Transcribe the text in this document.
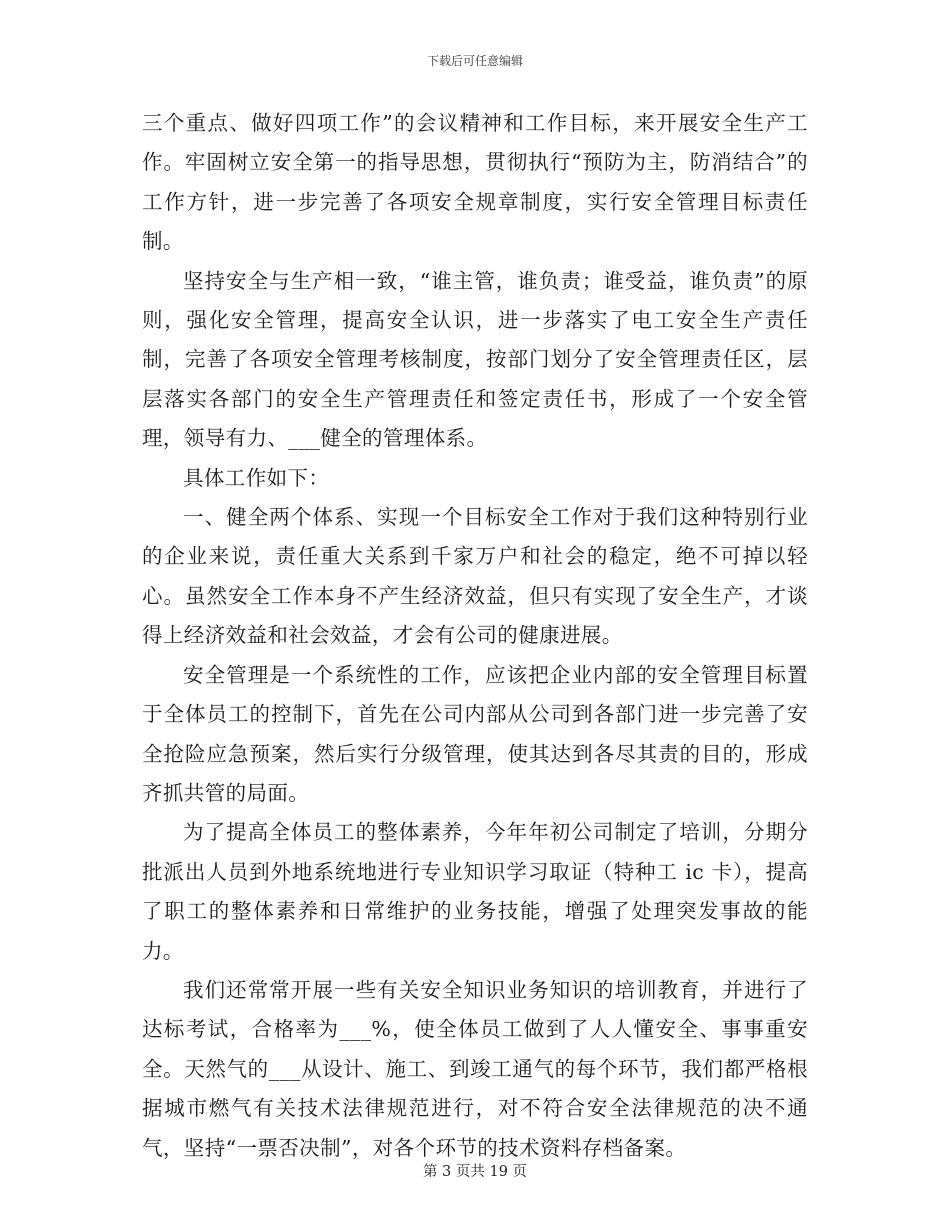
下载后可任意编辑

三个重点、做好四项工作”的会议精神和工作目标，来开展安全生产工作。牢固树立安全第一的指导思想，贯彻执行“预防为主，防消结合”的工作方针，进一步完善了各项安全规章制度，实行安全管理目标责任制。

坚持安全与生产相一致，“谁主管，谁负责；谁受益，谁负责”的原则，强化安全管理，提高安全认识，进一步落实了电工安全生产责任制，完善了各项安全管理考核制度，按部门划分了安全管理责任区，层层落实各部门的安全生产管理责任和签定责任书，形成了一个安全管理，领导有力、___健全的管理体系。

具体工作如下：

一、健全两个体系、实现一个目标安全工作对于我们这种特别行业的企业来说，责任重大关系到千家万户和社会的稳定，绝不可掉以轻心。虽然安全工作本身不产生经济效益，但只有实现了安全生产，才谈得上经济效益和社会效益，才会有公司的健康进展。

安全管理是一个系统性的工作，应该把企业内部的安全管理目标置于全体员工的控制下，首先在公司内部从公司到各部门进一步完善了安全抢险应急预案，然后实行分级管理，使其达到各尽其责的目的，形成齐抓共管的局面。

为了提高全体员工的整体素养，今年年初公司制定了培训，分期分批派出人员到外地系统地进行专业知识学习取证（特种工 ic 卡），提高了职工的整体素养和日常维护的业务技能，增强了处理突发事故的能力。

我们还常常开展一些有关安全知识业务知识的培训教育，并进行了达标考试，合格率为___%，使全体员工做到了人人懂安全、事事重安全。天然气的___从设计、施工、到竣工通气的每个环节，我们都严格根据城市燃气有关技术法律规范进行，对不符合安全法律规范的决不通气，坚持“一票否决制”，对各个环节的技术资料存档备案。

第 3 页共 19 页
